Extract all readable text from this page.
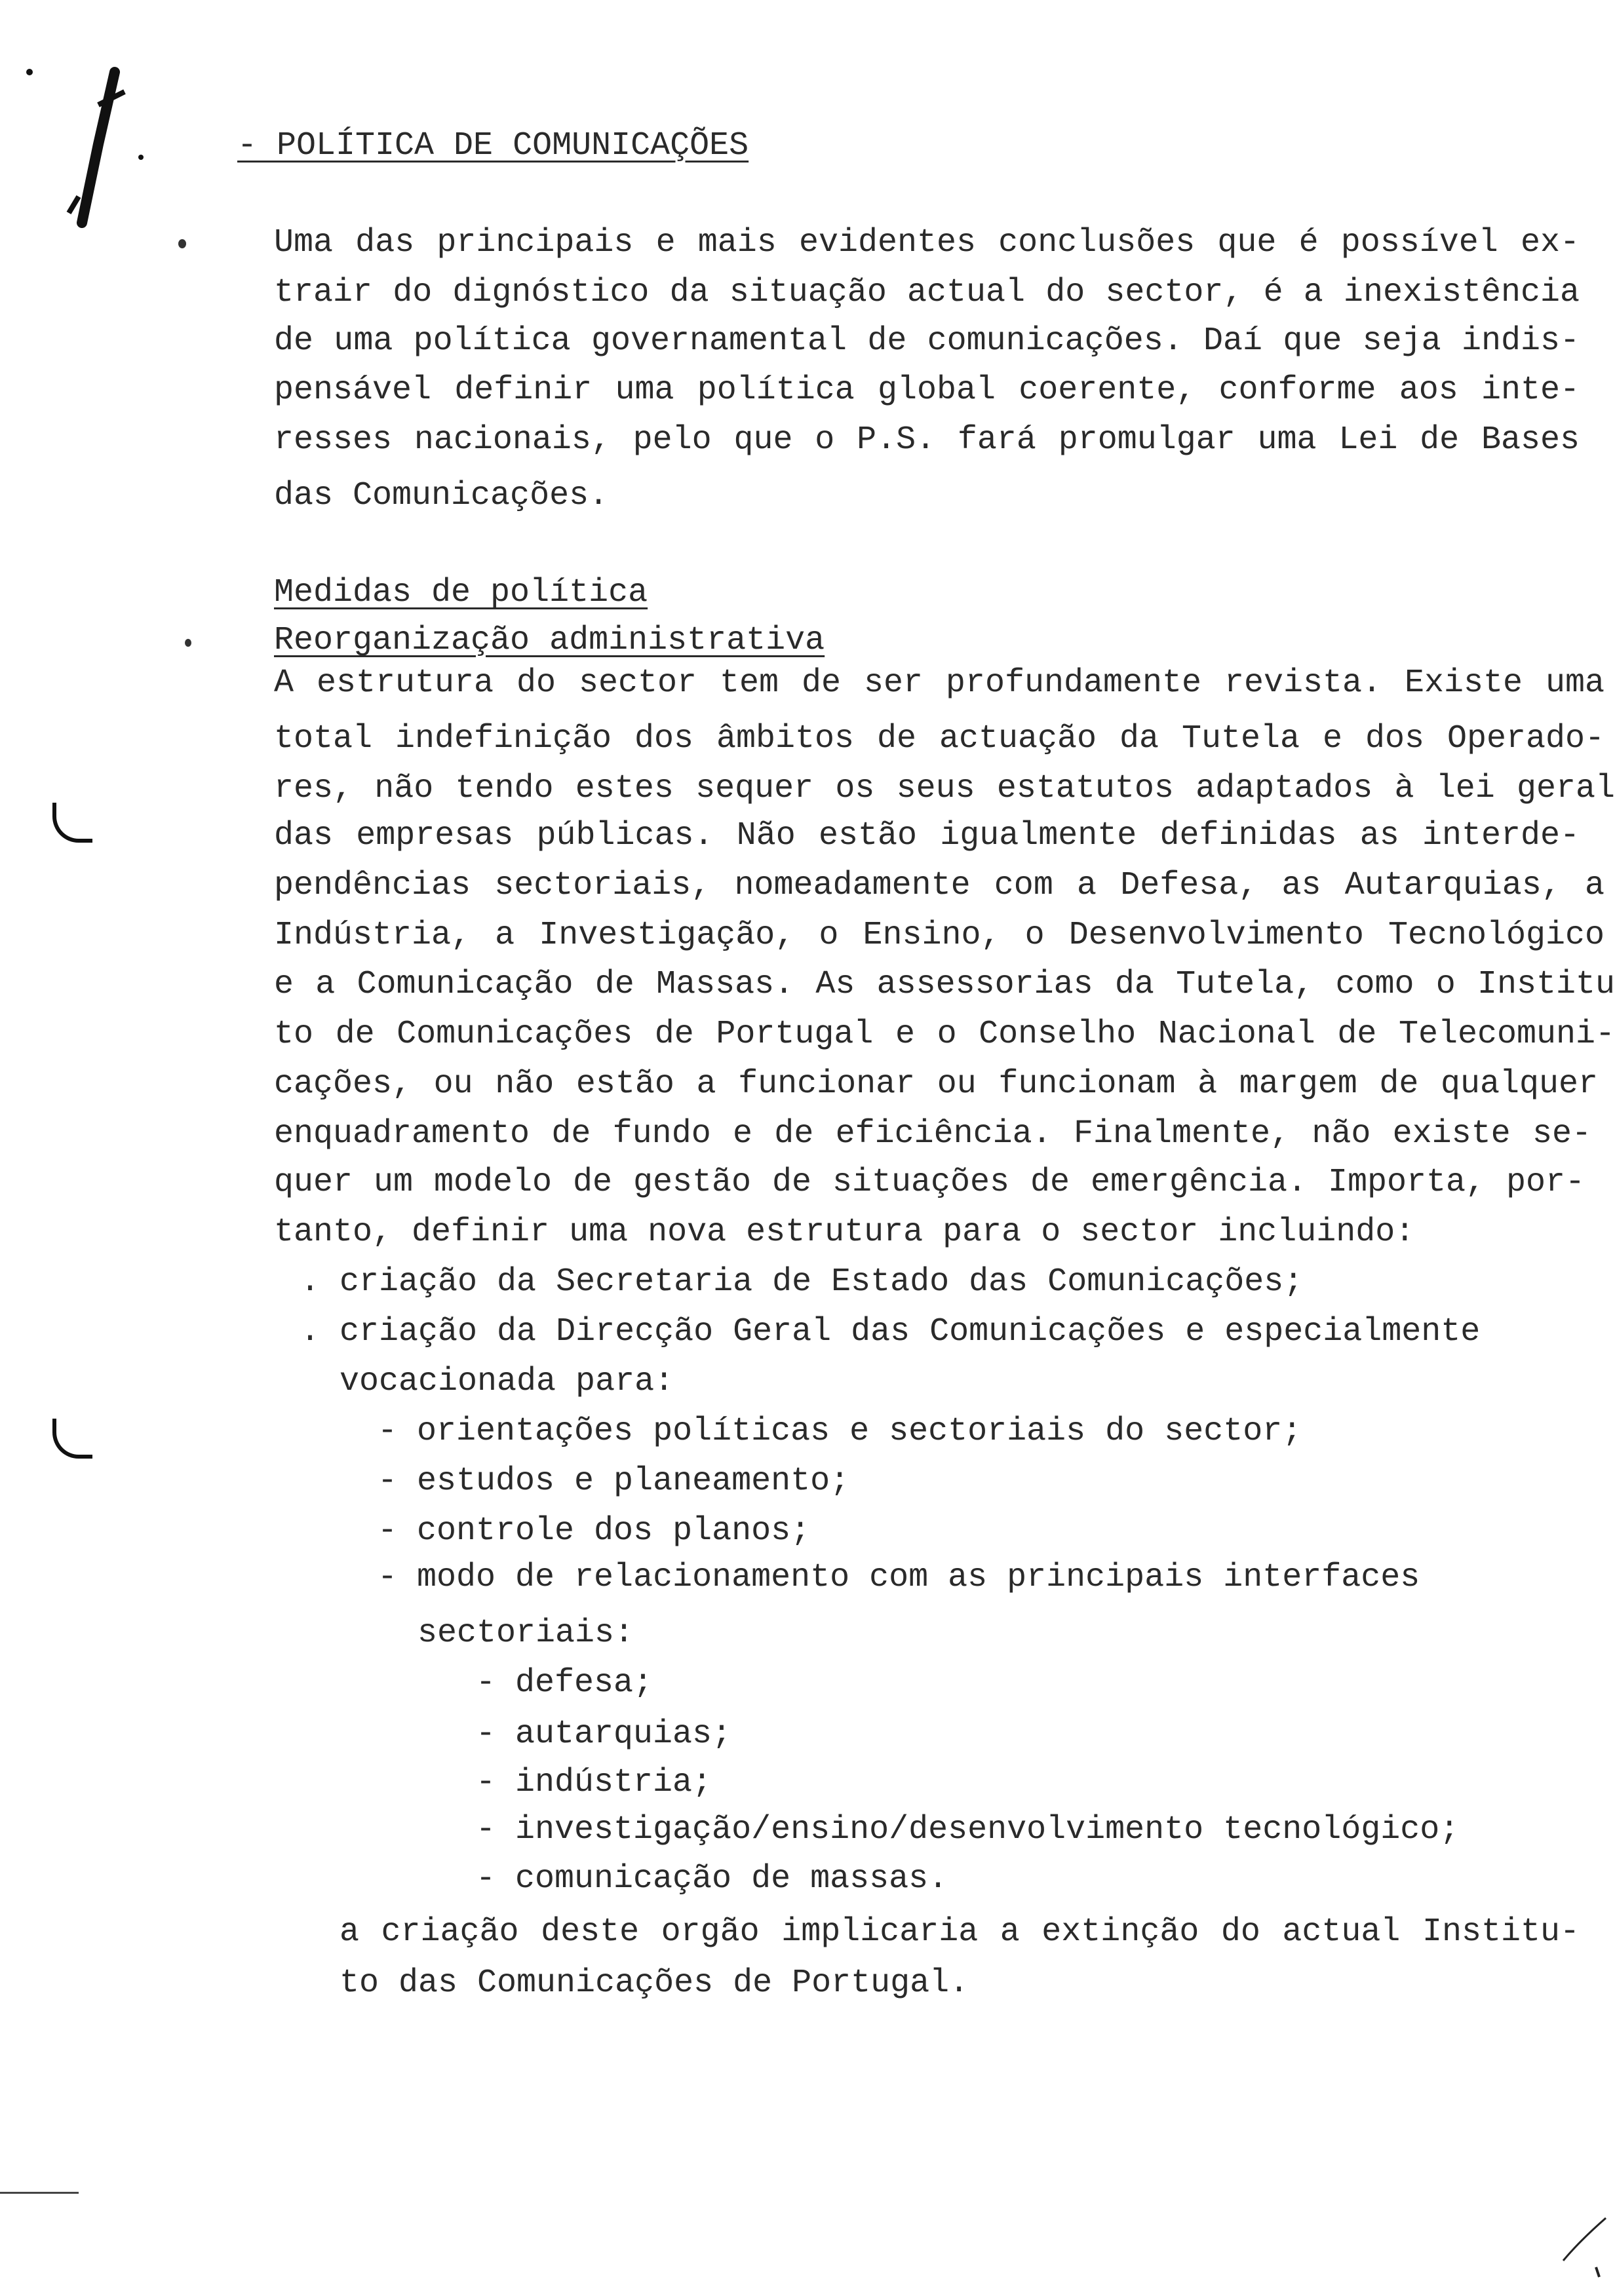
- POLÍTICA DE COMUNICAÇÕES
Uma das principais e mais evidentes conclusões que é possível ex-
trair do dignóstico da situação actual do sector, é a inexistência
de uma política governamental de comunicações. Daí que seja indis-
pensável definir uma política global coerente, conforme aos inte-
resses nacionais, pelo que o P.S. fará promulgar uma Lei de Bases
das Comunicações.
Medidas de política
Reorganização administrativa
A estrutura do sector tem de ser profundamente revista. Existe uma
total indefinição dos âmbitos de actuação da Tutela e dos Operado-
res, não tendo estes sequer os seus estatutos adaptados à lei geral
das empresas públicas. Não estão igualmente definidas as interde-
pendências sectoriais, nomeadamente com a Defesa, as Autarquias, a
Indústria, a Investigação, o Ensino, o Desenvolvimento Tecnológico
e a Comunicação de Massas. As assessorias da Tutela, como o Institu
to de Comunicações de Portugal e o Conselho Nacional de Telecomuni-
cações, ou não estão a funcionar ou funcionam à margem de qualquer
enquadramento de fundo e de eficiência. Finalmente, não existe se-
quer um modelo de gestão de situações de emergência. Importa, por-
tanto, definir uma nova estrutura para o sector incluindo:
. criação da Secretaria de Estado das Comunicações;
. criação da Direcção Geral das Comunicações e especialmente
vocacionada para:
- orientações políticas e sectoriais do sector;
- estudos e planeamento;
- controle dos planos;
- modo de relacionamento com as principais interfaces
sectoriais:
- defesa;
- autarquias;
- indústria;
- investigação/ensino/desenvolvimento tecnológico;
- comunicação de massas.
a criação deste orgão implicaria a extinção do actual Institu-
to das Comunicações de Portugal.
